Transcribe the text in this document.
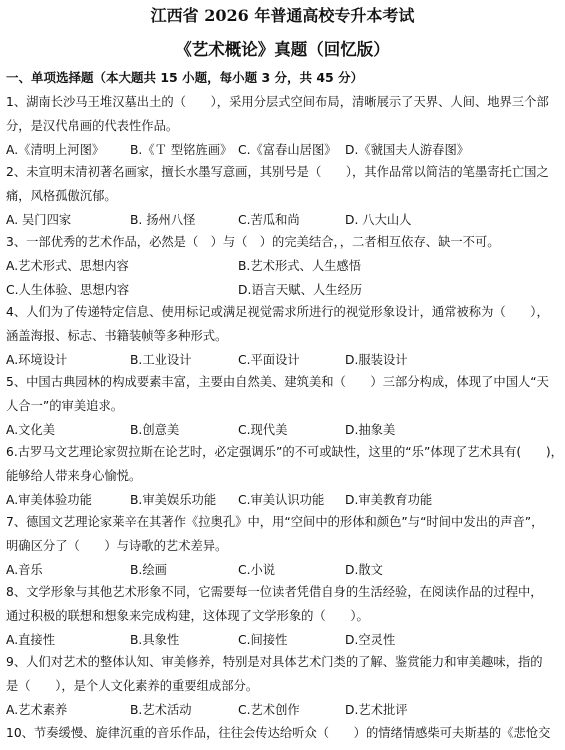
江西省 2026 年普通高校专升本考试
《艺术概论》真题（回忆版）
一、单项选择题（本大题共 15 小题，每小题 3 分，共 45 分）
1、湖南长沙马王堆汉墓出土的（　　），采用分层式空间布局，清晰展示了天界、人间、地界三个部
分，是汉代帛画的代表性作品。
A.《清明上河图》 B.《Ｔ 型铭旌画》 C.《富春山居图》 D.《虢国夫人游春图》
2、未宣明末清初著名画家，擅长水墨写意画，其别号是（　　），其作品常以简洁的笔墨寄托亡国之
痛，风格孤傲沉郁。
A. 吴门四家	B. 扬州八怪	C.苦瓜和尚	D. 八大山人
3、一部优秀的艺术作品，必然是（　）与（　）的完美结合，，二者相互依存、缺一不可。
A.艺术形式、思想内容	B.艺术形式、人生感悟
C.人生体验、思想内容	D.语言天赋、人生经历
4、人们为了传递特定信息、使用标记或满足视觉需求所进行的视觉形象设计，通常被称为（　　），
涵盖海报、标志、书籍装帧等多种形式。
A.环境设计	B.工业设计	C.平面设计	D.服装设计
5、中国古典园林的构成要素丰富，主要由自然美、建筑美和（　　）三部分构成，体现了中国人“天
人合一”的审美追求。
A.文化美	B.创意美	C.现代美	D.抽象美
6.古罗马文艺理论家贺拉斯在论艺时，必定强调乐”的不可或缺性，这里的“乐”体现了艺术具有(　　)，
能够给人带来身心愉悦。
A.审美体验功能	B.审美娱乐功能 C.审美认识功能 D.审美教育功能
7、德国文艺理论家莱辛在其著作《拉奥孔》中，用“空间中的形体和颜色”与“时间中发出的声音”，
明确区分了（　　）与诗歌的艺术差异。
A.音乐	B.绘画	C.小说	D.散文
8、文学形象与其他艺术形象不同，它需要每一位读者凭借自身的生活经验，在阅读作品的过程中，
通过积极的联想和想象来完成构建，这体现了文学形象的（　　）。
A.直接性	B.具象性	C.间接性	D.空灵性
9、人们对艺术的整体认知、审美修养，特别是对具体艺术门类的了解、鉴赏能力和审美趣味，指的
是（　　），是个人文化素养的重要组成部分。
A.艺术素养	B.艺术活动	C.艺术创作	D.艺术批评
10、节奏缓慢、旋律沉重的音乐作品，往往会传达给听众（　　）的情绪情感柴可夫斯基的《悲怆交
